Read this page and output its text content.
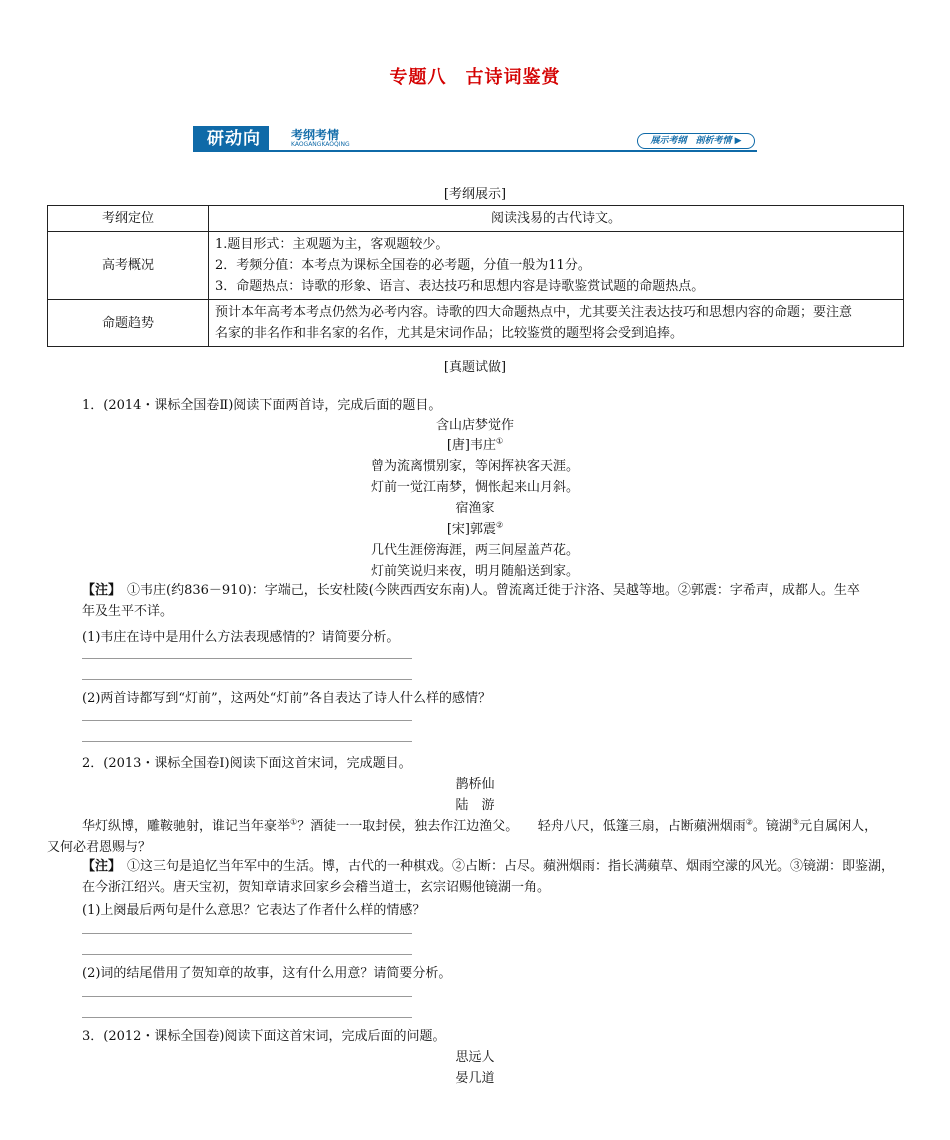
专题八　古诗词鉴赏
研动向	考纲考情
KAOGANGKAOQING	展示考纲　剖析考情 ▶
[考纲展示]
考纲定位	阅读浅易的古代诗文。

高考概况	1.题目形式：主观题为主，客观题较少。
2．考频分值：本考点为课标全国卷的必考题，分值一般为11分。
3．命题热点：诗歌的形象、语言、表达技巧和思想内容是诗歌鉴赏试题的命题热点。

命题趋势	预计本年高考本考点仍然为必考内容。诗歌的四大命题热点中，尤其要关注表达技巧和思想内容的命题；要注意
名家的非名作和非名家的名作，尤其是宋词作品；比较鉴赏的题型将会受到追捧。
[真题试做]
1．(2014・课标全国卷Ⅱ)阅读下面两首诗，完成后面的题目。
含山店梦觉作
[唐]韦庄①
曾为流离惯别家，等闲挥袂客天涯。
灯前一觉江南梦，惆怅起来山月斜。
宿渔家
[宋]郭震②
几代生涯傍海涯，两三间屋盖芦花。
灯前笑说归来夜，明月随船送到家。
【注】 ①韦庄(约836－910)：字端己，长安杜陵(今陕西西安东南)人。曾流离迁徙于汴洛、吴越等地。②郭震：字希声，成都人。生卒年及生平不详。
(1)韦庄在诗中是用什么方法表现感情的？请简要分析。
(2)两首诗都写到“灯前”，这两处“灯前”各自表达了诗人什么样的感情？
2．(2013・课标全国卷Ⅰ)阅读下面这首宋词，完成题目。
鹊桥仙
陆　游
华灯纵博，雕鞍驰射，谁记当年豪举①？酒徒一一取封侯，独去作江边渔父。　　轻舟八尺，低篷三扇，占断蘋洲烟雨②。镜湖③元自属闲人，
又何必君恩赐与？
【注】 ①这三句是追忆当年军中的生活。博，古代的一种棋戏。②占断：占尽。蘋洲烟雨：指长满蘋草、烟雨空濛的风光。③镜湖：即鉴湖，在今浙江绍兴。唐天宝初，贺知章请求回家乡会稽当道士，玄宗诏赐他镜湖一角。
(1)上阕最后两句是什么意思？它表达了作者什么样的情感？
(2)词的结尾借用了贺知章的故事，这有什么用意？请简要分析。
3．(2012・课标全国卷)阅读下面这首宋词，完成后面的问题。
思远人
晏几道
